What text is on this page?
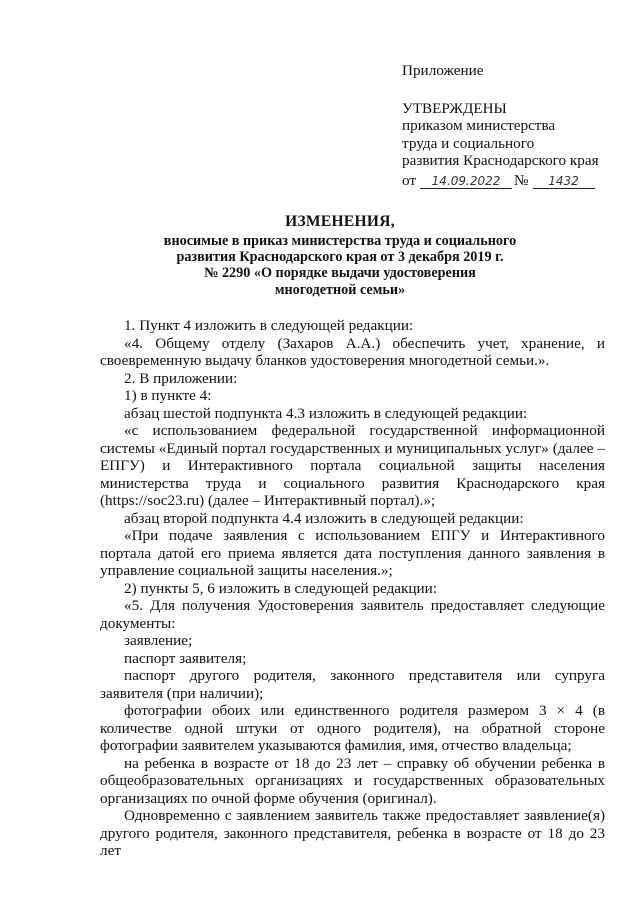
Приложение
УТВЕРЖДЕНЫ
приказом министерства
труда и социального
развития Краснодарского края
от 14.09.2022 № 1432
ИЗМЕНЕНИЯ,
вносимые в приказ министерства труда и социального
развития Краснодарского края от 3 декабря 2019 г.
№ 2290 «О порядке выдачи удостоверения
многодетной семьи»

1. Пункт 4 изложить в следующей редакции:

«4. Общему отделу (Захаров А.А.) обеспечить учет, хранение, и своевременную выдачу бланков удостоверения многодетной семьи.».

2. В приложении:

1) в пункте 4:

абзац шестой подпункта 4.3 изложить в следующей редакции:

«с использованием федеральной государственной информационной системы «Единый портал государственных и муниципальных услуг» (далее – ЕПГУ) и Интерактивного портала социальной защиты населения министерства труда и социального развития Краснодарского края (https://soc23.ru) (далее – Интерактивный портал).»;

абзац второй подпункта 4.4 изложить в следующей редакции:

«При подаче заявления с использованием ЕПГУ и Интерактивного портала датой его приема является дата поступления данного заявления в управление социальной защиты населения.»;

2) пункты 5, 6 изложить в следующей редакции:

«5. Для получения Удостоверения заявитель предоставляет следующие документы:

заявление;

паспорт заявителя;

паспорт другого родителя, законного представителя или супруга заявителя (при наличии);

фотографии обоих или единственного родителя размером 3 × 4 (в количестве одной штуки от одного родителя), на обратной стороне фотографии заявителем указываются фамилия, имя, отчество владельца;

на ребенка в возрасте от 18 до 23 лет – справку об обучении ребенка в общеобразовательных организациях и государственных образовательных организациях по очной форме обучения (оригинал).

Одновременно с заявлением заявитель также предоставляет заявление(я) другого родителя, законного представителя, ребенка в возрасте от 18 до 23 лет
